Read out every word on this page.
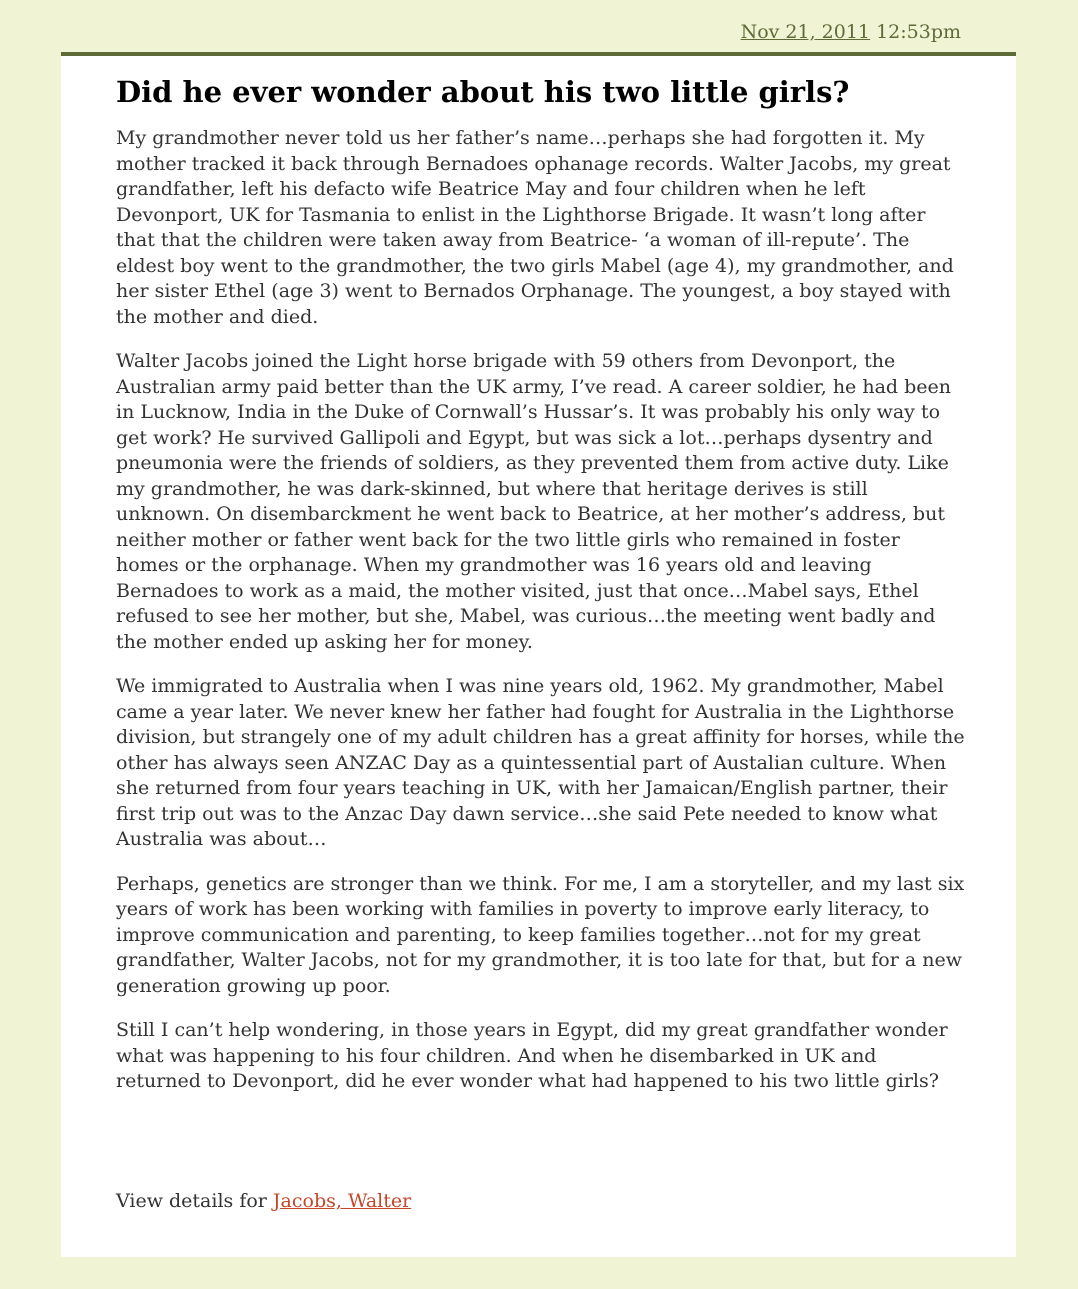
Nov 21, 2011 12:53pm
Did he ever wonder about his two little girls?

My grandmother never told us her father’s name…perhaps she had forgotten it. My mother tracked it back through Bernadoes ophanage records. Walter Jacobs, my great grandfather, left his defacto wife Beatrice May and four children when he left Devonport, UK for Tasmania to enlist in the Lighthorse Brigade. It wasn’t long after that that the children were taken away from Beatrice- ‘a woman of ill-repute’. The eldest boy went to the grandmother, the two girls Mabel (age 4), my grandmother, and her sister Ethel (age 3) went to Bernados Orphanage. The youngest, a boy stayed with the mother and died.

Walter Jacobs joined the Light horse brigade with 59 others from Devonport, the Australian army paid better than the UK army, I’ve read. A career soldier, he had been in Lucknow, India in the Duke of Cornwall’s Hussar’s. It was probably his only way to get work? He survived Gallipoli and Egypt, but was sick a lot…perhaps dysentry and pneumonia were the friends of soldiers, as they prevented them from active duty. Like my grandmother, he was dark-skinned, but where that heritage derives is still unknown. On disembarckment he went back to Beatrice, at her mother’s address, but neither mother or father went back for the two little girls who remained in foster homes or the orphanage. When my grandmother was 16 years old and leaving Bernadoes to work as a maid, the mother visited, just that once…Mabel says, Ethel refused to see her mother, but she, Mabel, was curious…the meeting went badly and the mother ended up asking her for money.

We immigrated to Australia when I was nine years old, 1962. My grandmother, Mabel came a year later. We never knew her father had fought for Australia in the Lighthorse division, but strangely one of my adult children has a great affinity for horses, while the other has always seen ANZAC Day as a quintessential part of Austalian culture. When she returned from four years teaching in UK, with her Jamaican/English partner, their first trip out was to the Anzac Day dawn service…she said Pete needed to know what Australia was about…

Perhaps, genetics are stronger than we think. For me, I am a storyteller, and my last six years of work has been working with families in poverty to improve early literacy, to improve communication and parenting, to keep families together…not for my great grandfather, Walter Jacobs, not for my grandmother, it is too late for that, but for a new generation growing up poor.

Still I can’t help wondering, in those years in Egypt, did my great grandfather wonder what was happening to his four children. And when he disembarked in UK and returned to Devonport, did he ever wonder what had happened to his two little girls?

View details for Jacobs, Walter
